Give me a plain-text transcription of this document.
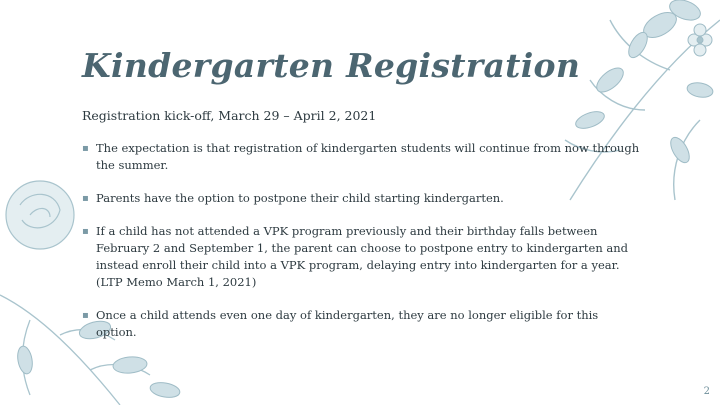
Kindergarten Registration

Registration kick-off, March 29 – April 2, 2021

▪ The expectation is that registration of kindergarten students will continue from now through the summer.
▪ Parents have the option to postpone their child starting kindergarten.
▪ If a child has not attended a VPK program previously and their birthday falls between February 2 and September 1, the parent can choose to postpone entry to kindergarten and instead enroll their child into a VPK program, delaying entry into kindergarten for a year. (LTP Memo March 1, 2021)
▪ Once a child attends even one day of kindergarten, they are no longer eligible for this option.
2
